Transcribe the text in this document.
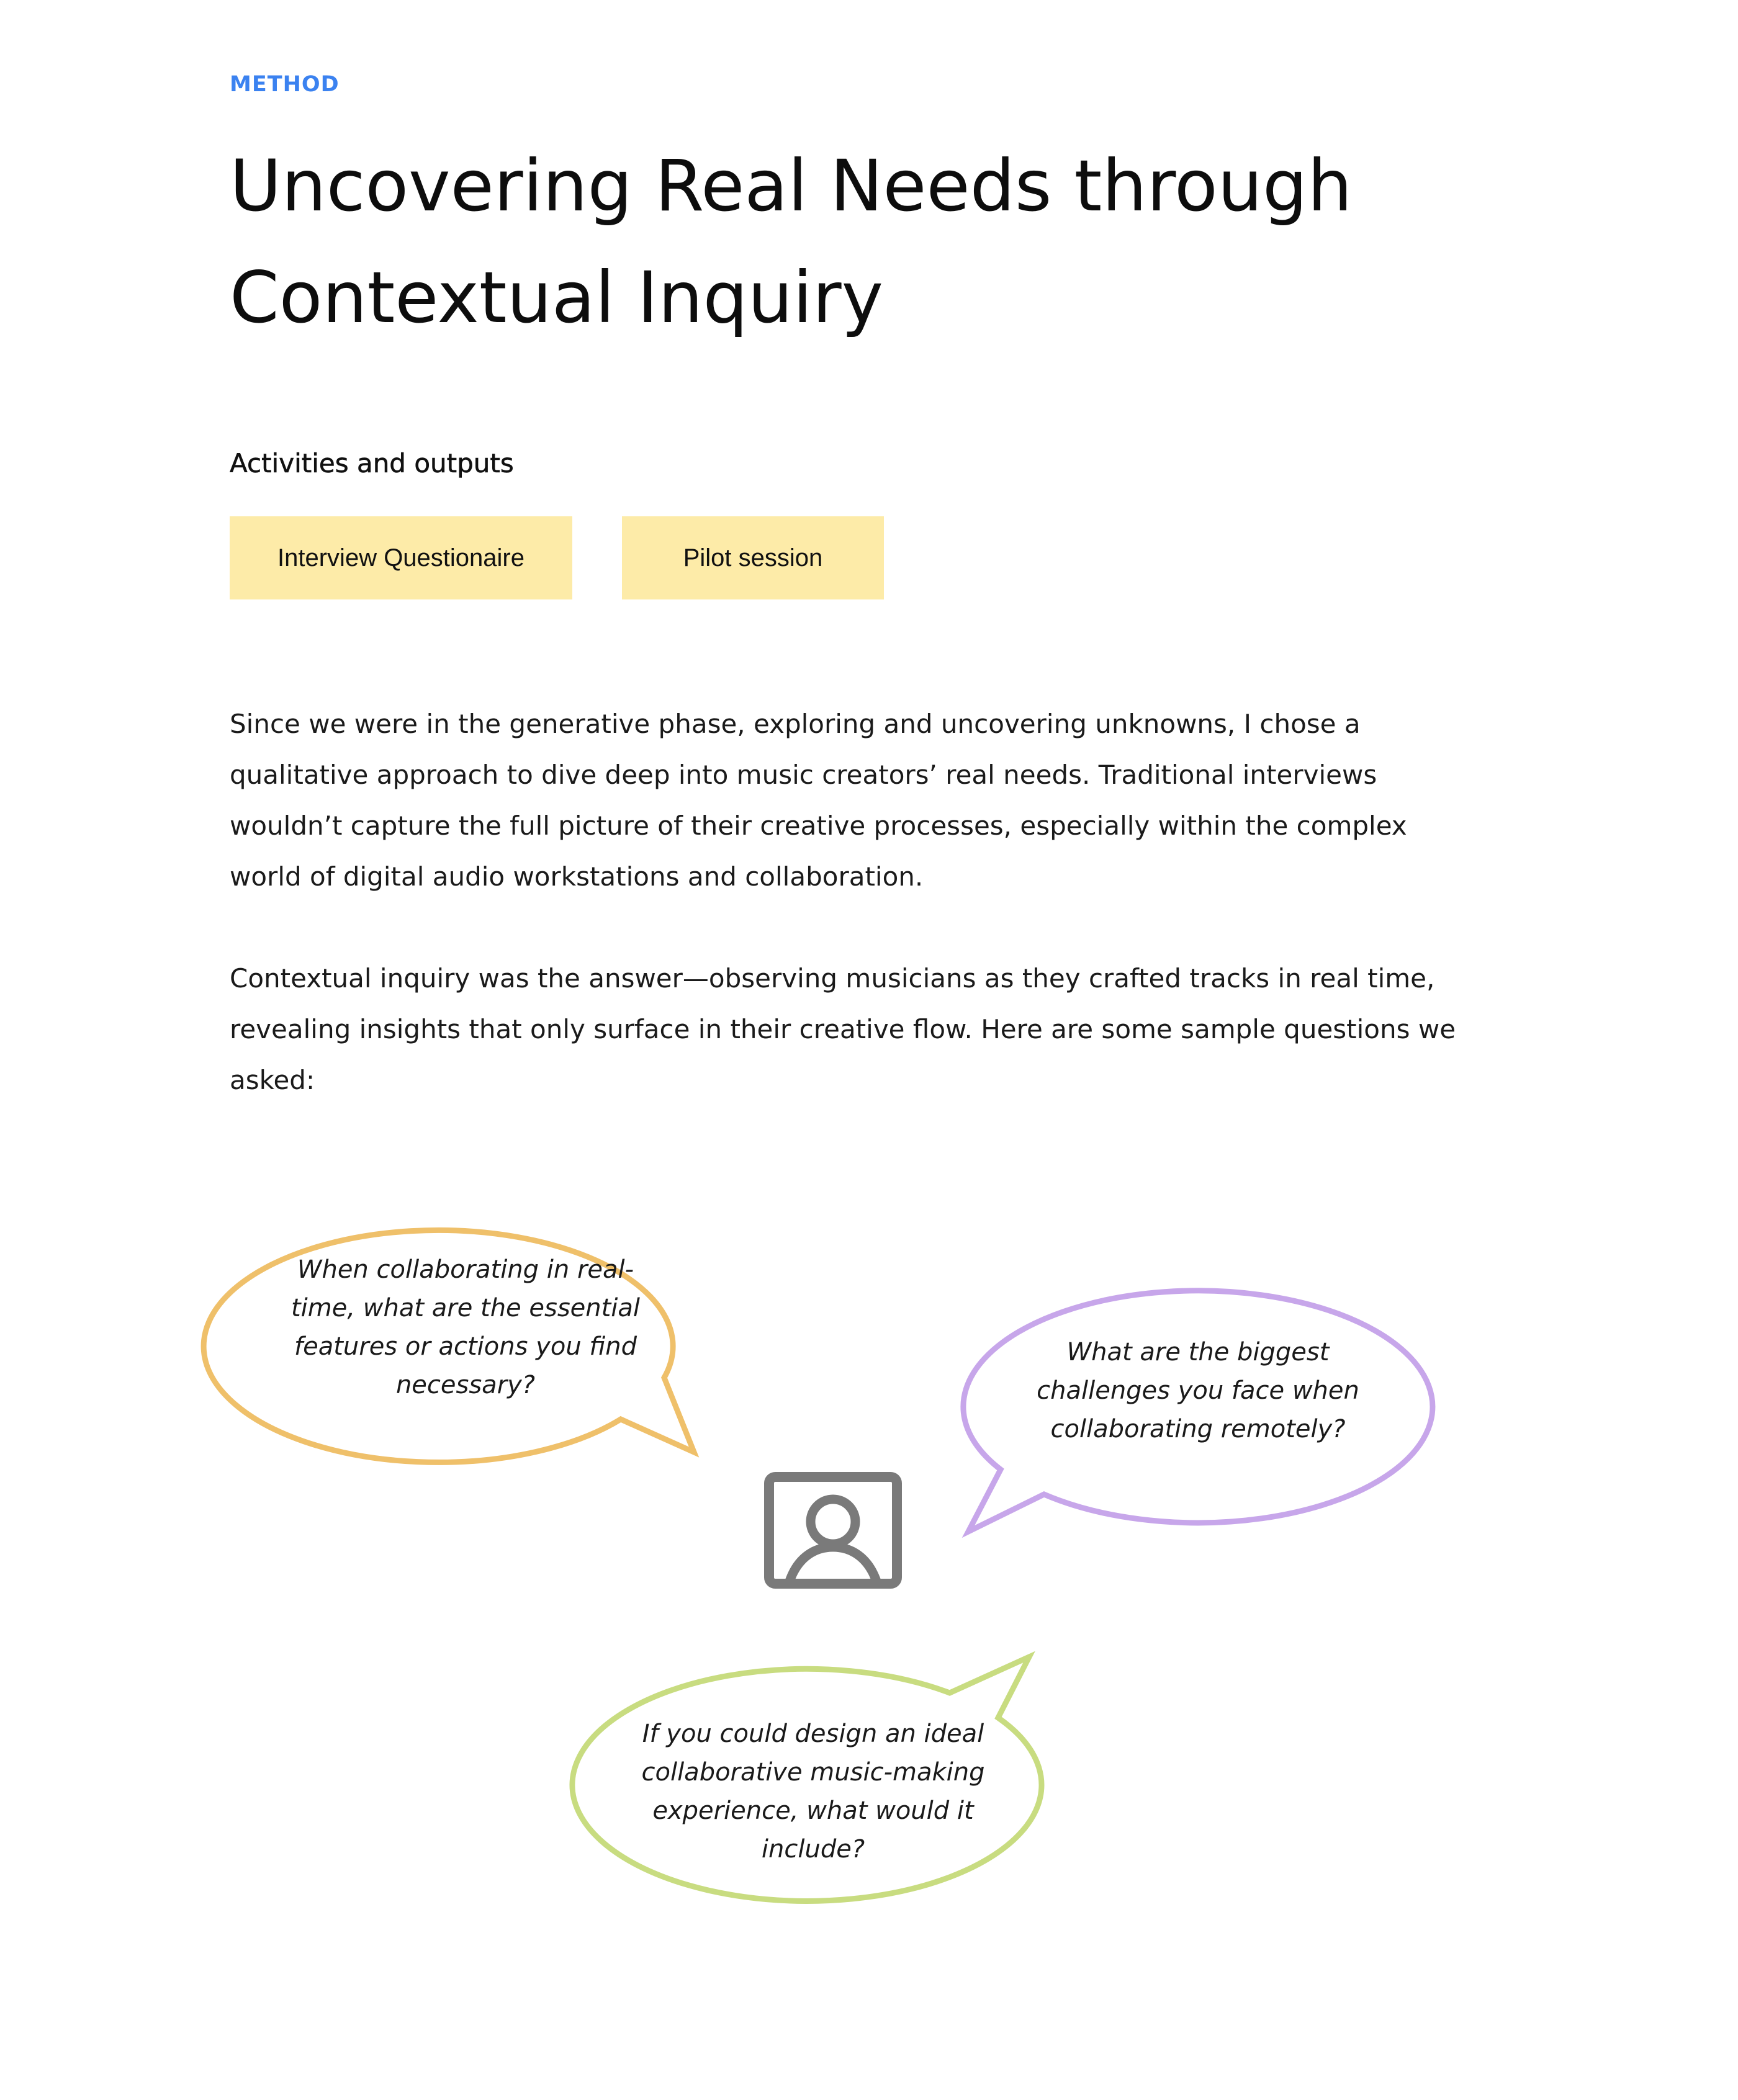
METHOD
Uncovering Real Needs through Contextual Inquiry
Activities and outputs
Interview Questionaire	Pilot session

Since we were in the generative phase, exploring and uncovering unknowns, I chose a qualitative approach to dive deep into music creators’ real needs. Traditional interviews wouldn’t capture the full picture of their creative processes, especially within the complex world of digital audio workstations and collaboration.

Contextual inquiry was the answer—observing musicians as they crafted tracks in real time, revealing insights that only surface in their creative flow. Here are some sample questions we asked:

When collaborating in real-time, what are the essential features or actions you find necessary?

What are the biggest challenges you face when collaborating remotely?

If you could design an ideal collaborative music-making experience, what would it include?
